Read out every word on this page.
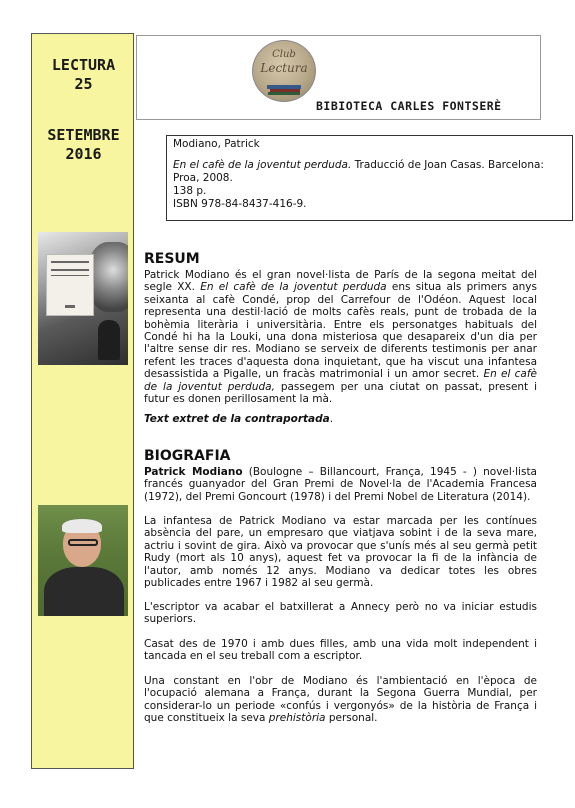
LECTURA
25
SETEMBRE
2016
Club
Lectura
BIBIOTECA CARLES FONTSERÈ
Modiano, Patrick
En el cafè de la joventut perduda. Traducció de Joan Casas. Barcelona:
Proa, 2008.
138 p.
ISBN 978-84-8437-416-9.
RESUM

Patrick Modiano és el gran novel·lista de París de la segona meitat del segle XX. En el cafè de la joventut perduda ens situa als primers anys seixanta al cafè Condé, prop del Carrefour de l'Odéon. Aquest local representa una destil·lació de molts cafès reals, punt de trobada de la bohèmia literària i universitària. Entre els personatges habituals del Condé hi ha la Louki, una dona misteriosa que desapareix d'un dia per l'altre sense dir res. Modiano se serveix de diferents testimonis per anar refent les traces d'aquesta dona inquietant, que ha viscut una infantesa desassistida a Pigalle, un fracàs matrimonial i un amor secret. En el cafè de la joventut perduda, passegem per una ciutat on passat, present i futur es donen perillosament la mà.

Text extret de la contraportada.

BIOGRAFIA

Patrick Modiano (Boulogne – Billancourt, França, 1945 - ) novel·lista francés guanyador del Gran Premi de Novel·la de l'Academia Francesa (1972), del Premi Goncourt (1978) i del Premi Nobel de Literatura (2014).

La infantesa de Patrick Modiano va estar marcada per les contínues absència del pare, un empresaro que viatjava sobint i de la seva mare, actriu i sovint de gira. Això va provocar que s'unís més al seu germà petit Rudy (mort als 10 anys), aquest fet va provocar la fi de la infància de l'autor, amb només 12 anys. Modiano va dedicar totes les obres publicades entre 1967 i 1982 al seu germà.

L'escriptor va acabar el batxillerat a Annecy però no va iniciar estudis superiors.

Casat des de 1970 i amb dues filles, amb una vida molt independent i tancada en el seu treball com a escriptor.

Una constant en l'obr de Modiano és l'ambientació en l'època de l'ocupació alemana a França, durant la Segona Guerra Mundial, per considerar-lo un periode «confús i vergonyós» de la història de França i que constitueix la seva prehistòria personal.
